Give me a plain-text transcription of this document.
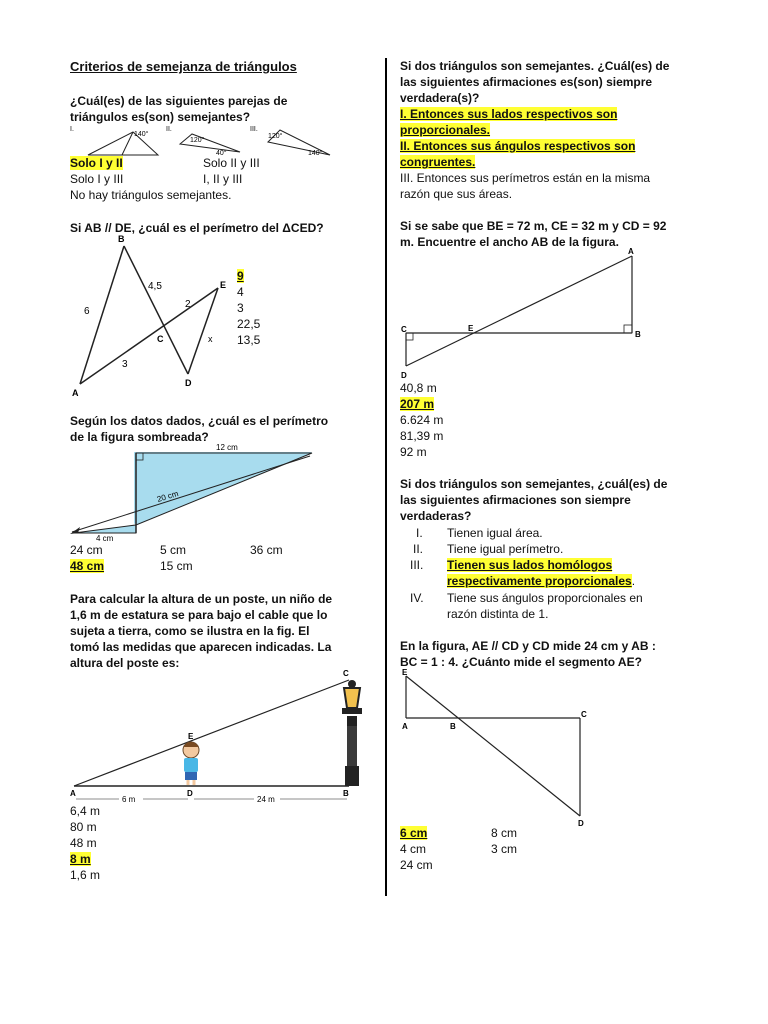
Criterios de semejanza de triángulos
¿Cuál(es) de las siguientes parejas de
triángulos es(son) semejantes?
I.
140°
II.
120°
40°
III.
120°
140°
Solo I y II	Solo II y III
Solo I y III	I, II y III
No hay triángulos semejantes.
Si AB // DE, ¿cuál es el perímetro del ΔCED?
B
A
C
D
E
6
4,5
2
3
x
9
4
3
22,5
13,5
Según los datos dados, ¿cuál es el perímetro
de la figura sombreada?
12 cm
20 cm
4 cm
24 cm	5 cm	36 cm
48 cm	15 cm
Para calcular la altura de un poste, un niño de
1,6 m de estatura se para bajo el cable que lo
sujeta a tierra, como se ilustra en la fig. El
tomó las medidas que aparecen indicadas. La
altura del poste es:
E
C
A	D	B
6 m	24 m
6,4 m
80 m
48 m
8 m
1,6 m
Si dos triángulos son semejantes. ¿Cuál(es) de
las siguientes afirmaciones es(son) siempre
verdadera(s)?
I. Entonces sus lados respectivos son
proporcionales.
II. Entonces sus ángulos respectivos son
congruentes.
III. Entonces sus perímetros están en la misma
razón que sus áreas.
Si se sabe que BE = 72 m, CE = 32 m y CD = 92
m. Encuentre el ancho AB de la figura.
A
B
C
D
E
40,8 m
207 m
6.624 m
81,39 m
92 m
Si dos triángulos son semejantes, ¿cuál(es) de
las siguientes afirmaciones son siempre
verdaderas?
I. Tienen igual área.
II. Tiene igual perímetro.
III. Tienen sus lados homólogos
respectivamente proporcionales.
IV. Tiene sus ángulos proporcionales en
razón distinta de 1.
En la figura, AE // CD y CD mide 24 cm y AB :
BC = 1 : 4. ¿Cuánto mide el segmento AE?
E
A	B
C
D
6 cm	8 cm
4 cm	3 cm
24 cm
